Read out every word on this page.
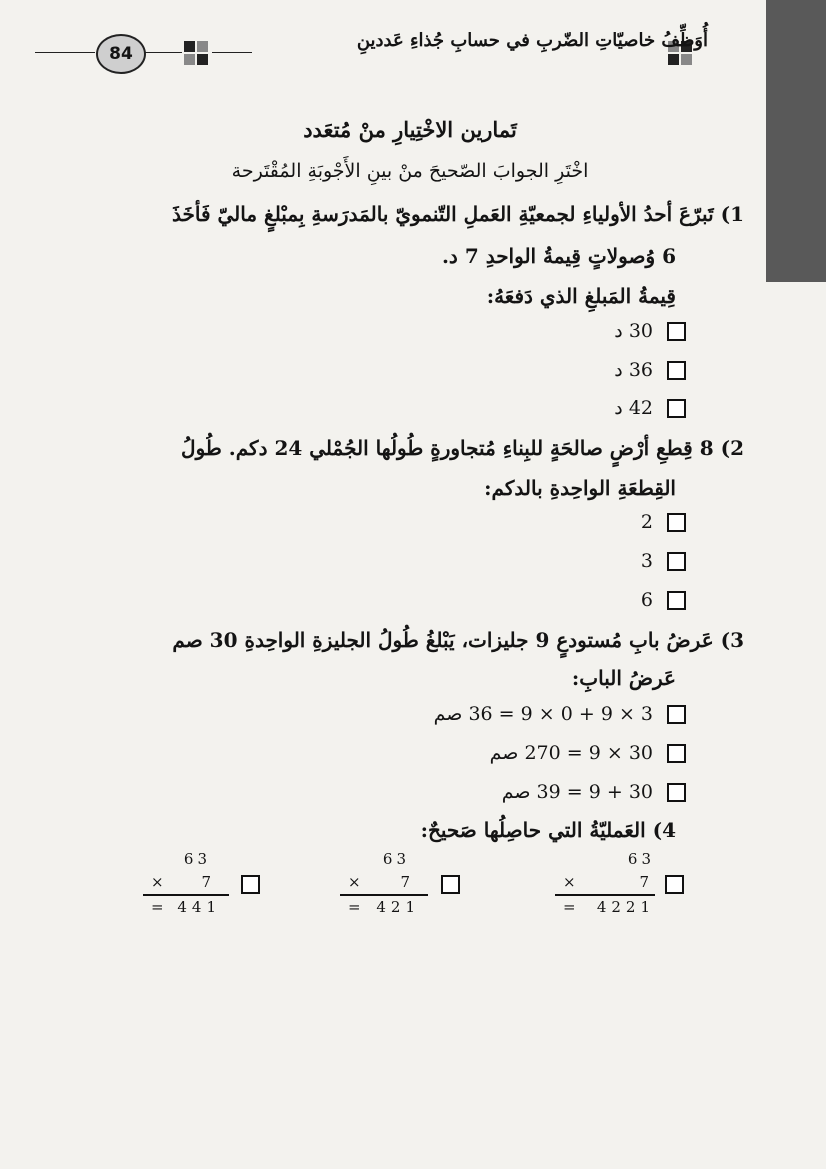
84
أُوَظِّفُ خاصيّاتِ الضّربِ في حسابِ جُذاءِ عَددينِ
تَمارين الاخْتِيارِ منْ مُتعَدد
اخْتَرِ الجوابَ الصّحيحَ منْ بينِ الأَجْوبَةِ المُقْتَرحة
1) تَبرّعَ أحدُ الأولياءِ لجمعيّةِ العَملِ التّنمويّ بالمَدرَسةِ بِمبْلغٍ ماليّ فَأخَذَ
6 وُصولاتٍ قِيمةُ الواحدِ 7 د.
قِيمةُ المَبلغِ الذي دَفعَهُ:
30 د
36 د
42 د
2) 8 قِطعِ أرْضٍ صالحَةٍ للبِناءِ مُتجاورةٍ طُولُها الجُمْلي 24 دكم. طُولُ
القِطعَةِ الواحِدةِ بالدكم:
2
3
6
3) عَرضُ بابِ مُستودعٍ 9 جليزات، يَبْلغُ طُولُ الجليزةِ الواحِدةِ 30 صم
عَرضُ البابِ:
3 × 9 + 0 × 9 = 36 صم
30 × 9 = 270 صم
30 + 9 = 39 صم
4) العَمليّةُ التي حاصِلُها صَحيحٌ:
63
×	7
= 4221
63
×	7
= 421
63
×	7
= 441
